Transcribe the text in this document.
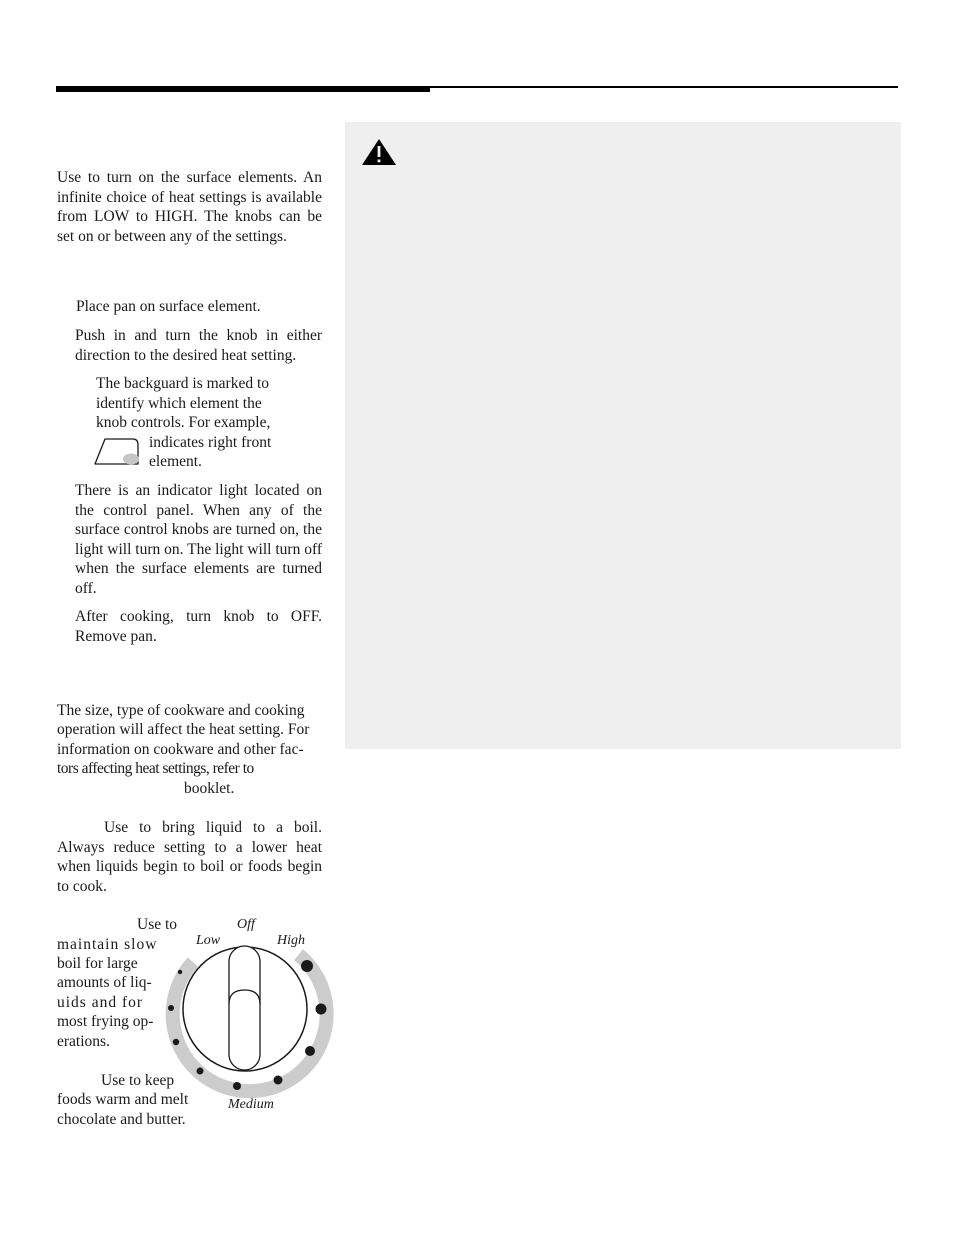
Use to turn on the surface elements. An infinite choice of heat settings is available from LOW to HIGH. The knobs can be set on or between any of the settings.

Place pan on surface element.

Push in and turn the knob in either direction to the desired heat setting.

The backguard is marked to
identify which element the
knob controls. For example,
indicates right front
element.

There is an indicator light located on the control panel. When any of the surface control knobs are turned on, the light will turn on. The light will turn off when the surface elements are turned off.

After cooking, turn knob to OFF. Remove pan.

The size, type of cookware and cooking
operation will affect the heat setting. For
information on cookware and other fac-
tors affecting heat settings, refer to
booklet.

Use to bring liquid to a boil. Always reduce setting to a lower heat when liquids begin to boil or foods begin to cook.

Use to
maintain slow
boil for large
amounts of liq-
uids and for
most frying op-
erations.
Use to keep
foods warm and melt
chocolate and butter.
Off
Low	High
Medium
